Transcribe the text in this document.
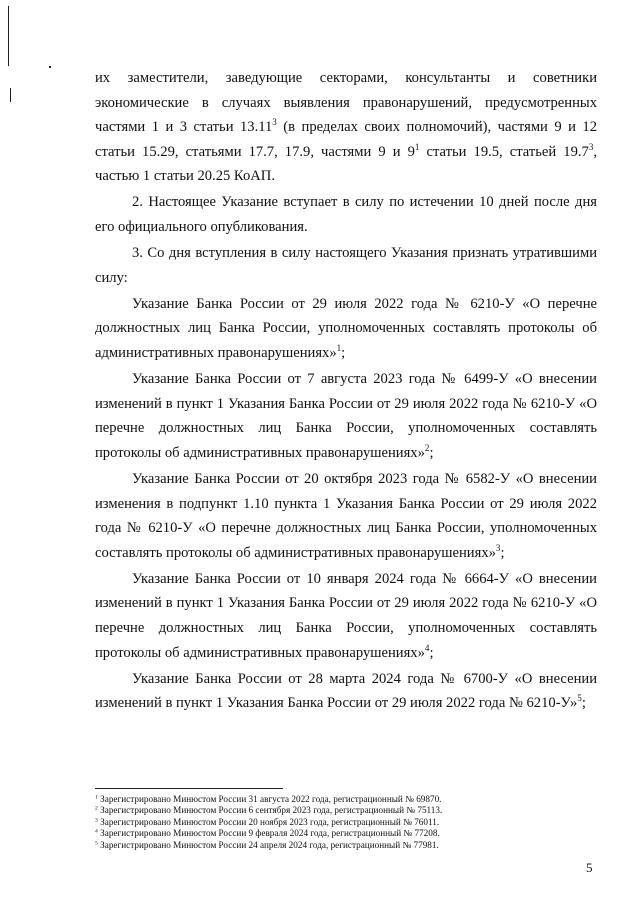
их заместители, заведующие секторами, консультанты и советники экономические в случаях выявления правонарушений, предусмотренных частями 1 и 3 статьи 13.11$^3$ (в пределах своих полномочий), частями 9 и 12 статьи 15.29, статьями 17.7, 17.9, частями 9 и $9^1$ статьи 19.5, статьей 19.7$^3$, частью 1 статьи 20.25 КоАП.

2. Настоящее Указание вступает в силу по истечении 10 дней после дня его официального опубликования.

3. Со дня вступления в силу настоящего Указания признать утратившими силу:

Указание Банка России от 29 июля 2022 года № 6210-У «О перечне должностных лиц Банка России, уполномоченных составлять протоколы об административных правонарушениях»$^1$;

Указание Банка России от 7 августа 2023 года № 6499-У «О внесении изменений в пункт 1 Указания Банка России от 29 июля 2022 года № 6210-У «О перечне должностных лиц Банка России, уполномоченных составлять протоколы об административных правонарушениях»$^2$;

Указание Банка России от 20 октября 2023 года № 6582-У «О внесении изменения в подпункт 1.10 пункта 1 Указания Банка России от 29 июля 2022 года № 6210-У «О перечне должностных лиц Банка России, уполномоченных составлять протоколы об административных правонарушениях»$^3$;

Указание Банка России от 10 января 2024 года № 6664-У «О внесении изменений в пункт 1 Указания Банка России от 29 июля 2022 года № 6210-У «О перечне должностных лиц Банка России, уполномоченных составлять протоколы об административных правонарушениях»$^4$;

Указание Банка России от 28 марта 2024 года № 6700-У «О внесении изменений в пункт 1 Указания Банка России от 29 июля 2022 года № 6210-У»$^5$;

$^1$ Зарегистрировано Минюстом России 31 августа 2022 года, регистрационный № 69870.

$^2$ Зарегистрировано Минюстом России 6 сентября 2023 года, регистрационный № 75113.

$^3$ Зарегистрировано Минюстом России 20 ноября 2023 года, регистрационный № 76011.

$^4$ Зарегистрировано Минюстом России 9 февраля 2024 года, регистрационный № 77208.

$^5$ Зарегистрировано Минюстом России 24 апреля 2024 года, регистрационный № 77981.

5
